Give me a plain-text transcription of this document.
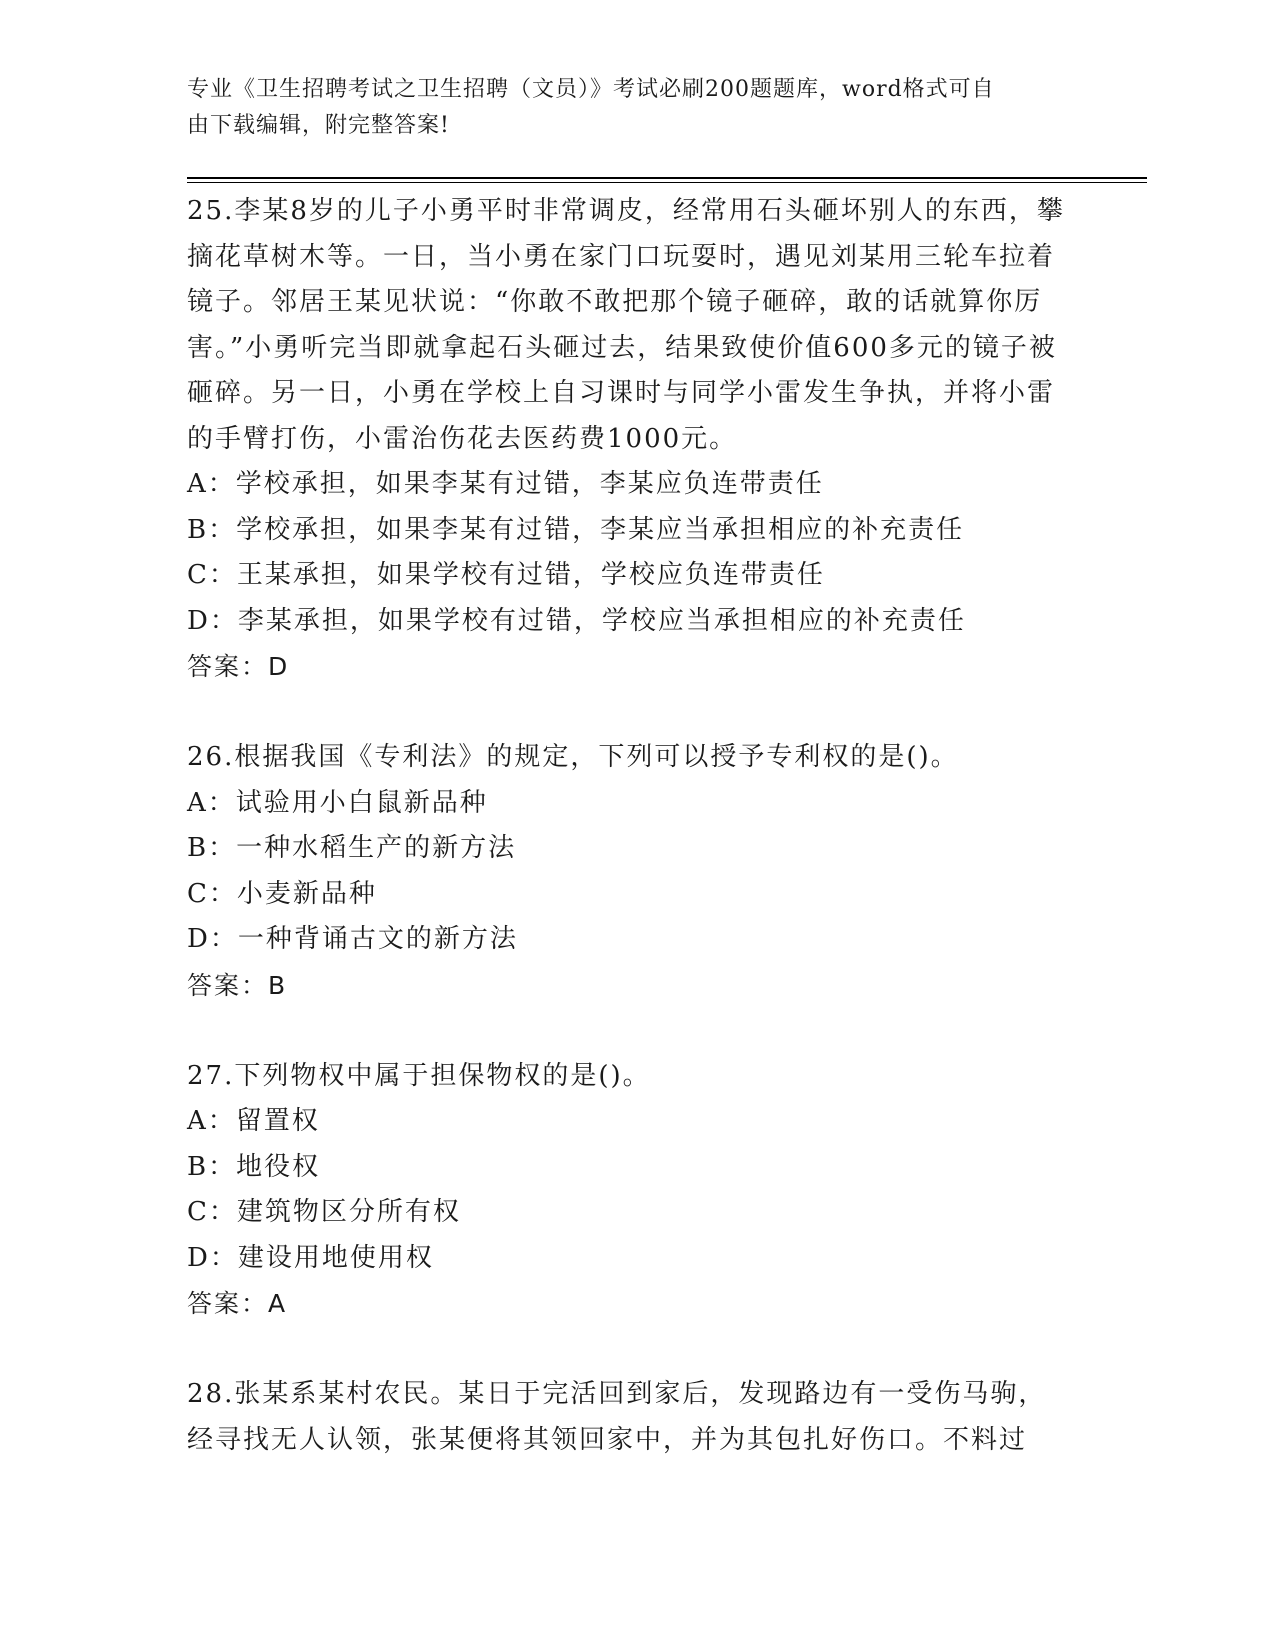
专业《卫生招聘考试之卫生招聘（文员）》考试必刷200题题库，word格式可自
由下载编辑，附完整答案!

25.李某8岁的儿子小勇平时非常调皮，经常用石头砸坏别人的东西，攀摘花草树木等。一日，当小勇在家门口玩耍时，遇见刘某用三轮车拉着镜子。邻居王某见状说：“你敢不敢把那个镜子砸碎，敢的话就算你厉害。”小勇听完当即就拿起石头砸过去，结果致使价值600多元的镜子被砸碎。另一日，小勇在学校上自习课时与同学小雷发生争执，并将小雷的手臂打伤，小雷治伤花去医药费1000元。

A：学校承担，如果李某有过错，李某应负连带责任

B：学校承担，如果李某有过错，李某应当承担相应的补充责任

C：王某承担，如果学校有过错，学校应负连带责任

D：李某承担，如果学校有过错，学校应当承担相应的补充责任

答案：D

26.根据我国《专利法》的规定，下列可以授予专利权的是()。

A：试验用小白鼠新品种

B：一种水稻生产的新方法

C：小麦新品种

D：一种背诵古文的新方法

答案：B

27.下列物权中属于担保物权的是()。

A：留置权

B：地役权

C：建筑物区分所有权

D：建设用地使用权

答案：A

28.张某系某村农民。某日于完活回到家后，发现路边有一受伤马驹，经寻找无人认领，张某便将其领回家中，并为其包扎好伤口。不料过
